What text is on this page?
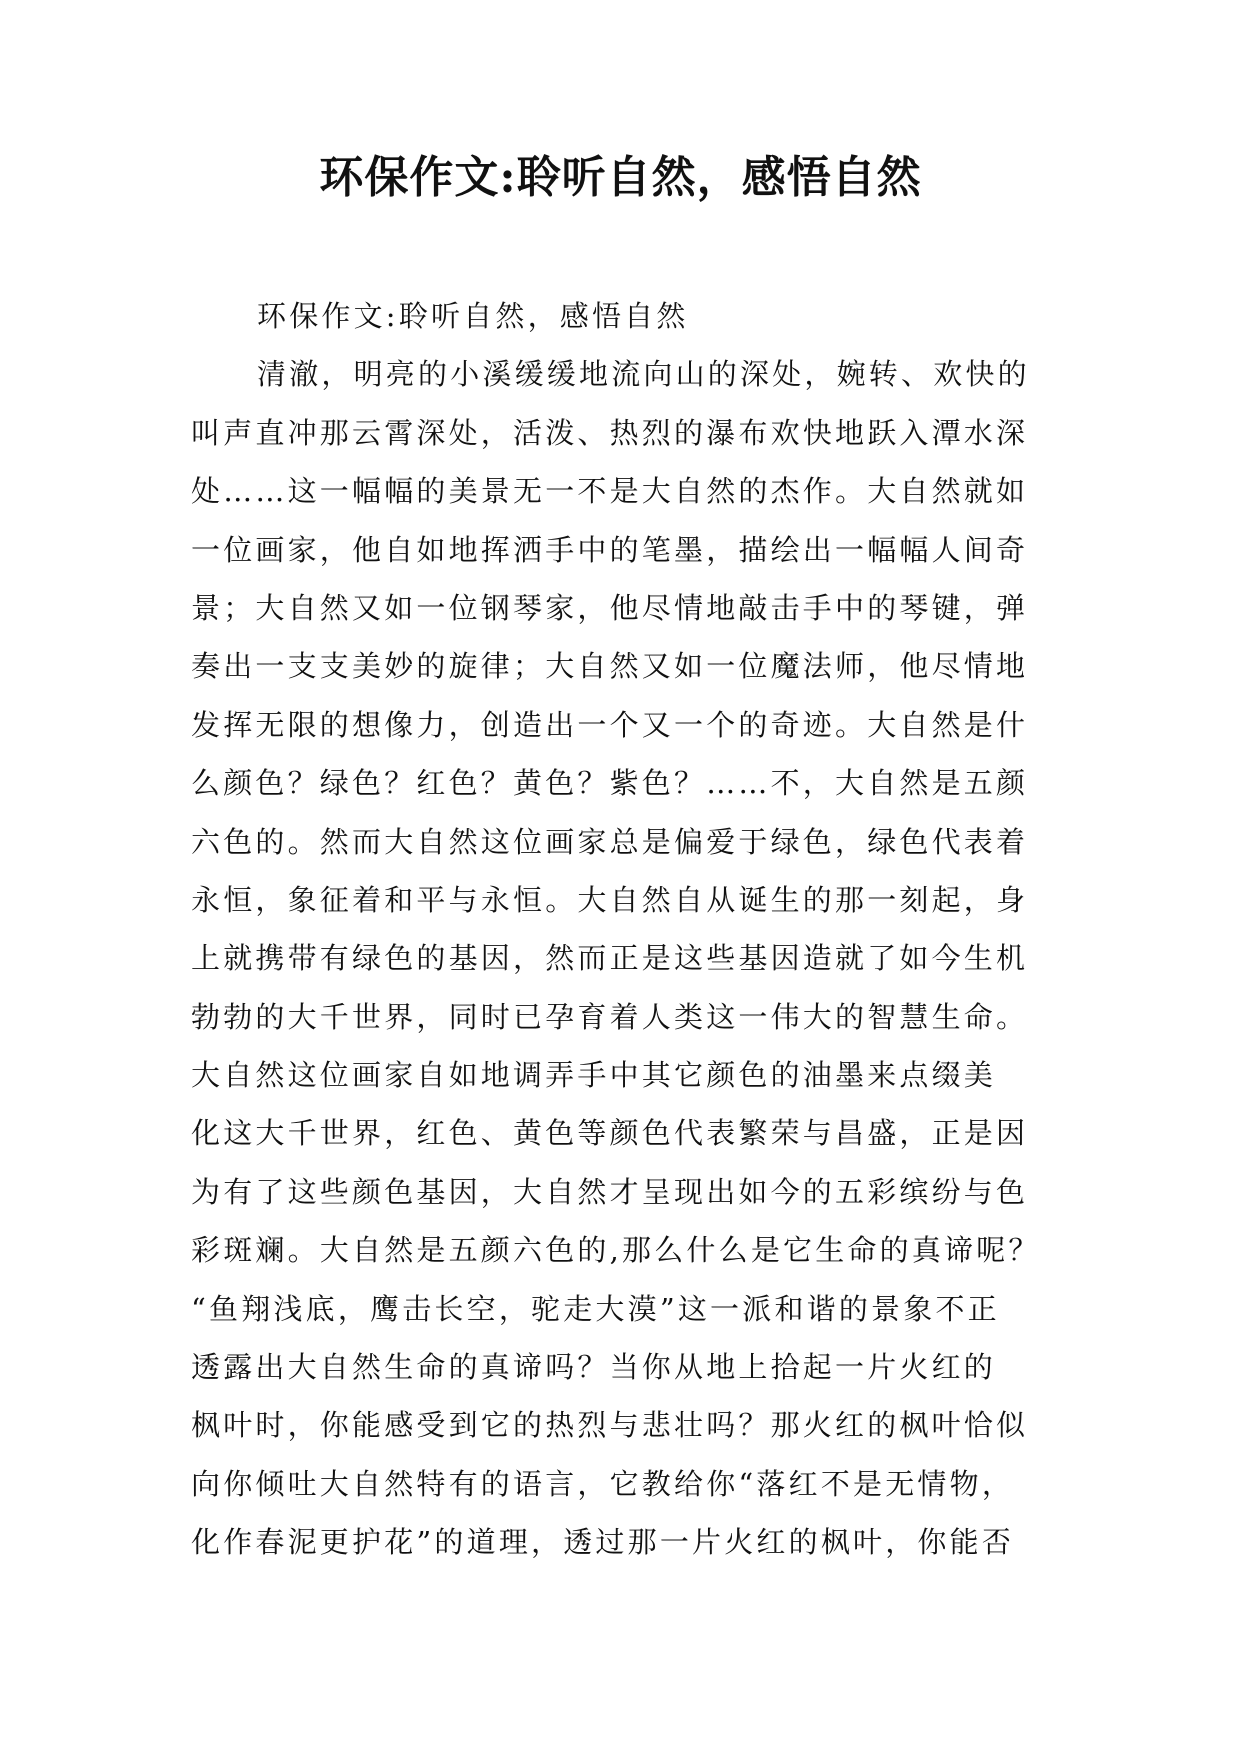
环保作文:聆听自然，感悟自然
环保作文:聆听自然，感悟自然
清澈，明亮的小溪缓缓地流向山的深处，婉转、欢快的
叫声直冲那云霄深处，活泼、热烈的瀑布欢快地跃入潭水深
处……这一幅幅的美景无一不是大自然的杰作。大自然就如
一位画家，他自如地挥洒手中的笔墨，描绘出一幅幅人间奇
景；大自然又如一位钢琴家，他尽情地敲击手中的琴键，弹
奏出一支支美妙的旋律；大自然又如一位魔法师，他尽情地
发挥无限的想像力，创造出一个又一个的奇迹。大自然是什
么颜色？绿色？红色？黄色？紫色？……不，大自然是五颜
六色的。然而大自然这位画家总是偏爱于绿色，绿色代表着
永恒，象征着和平与永恒。大自然自从诞生的那一刻起，身
上就携带有绿色的基因，然而正是这些基因造就了如今生机
勃勃的大千世界，同时已孕育着人类这一伟大的智慧生命。
大自然这位画家自如地调弄手中其它颜色的油墨来点缀美
化这大千世界，红色、黄色等颜色代表繁荣与昌盛，正是因
为有了这些颜色基因，大自然才呈现出如今的五彩缤纷与色
彩斑斓。大自然是五颜六色的,那么什么是它生命的真谛呢？
“鱼翔浅底，鹰击长空，驼走大漠”这一派和谐的景象不正
透露出大自然生命的真谛吗？当你从地上拾起一片火红的
枫叶时，你能感受到它的热烈与悲壮吗？那火红的枫叶恰似
向你倾吐大自然特有的语言，它教给你“落红不是无情物，
化作春泥更护花”的道理，透过那一片火红的枫叶，你能否
